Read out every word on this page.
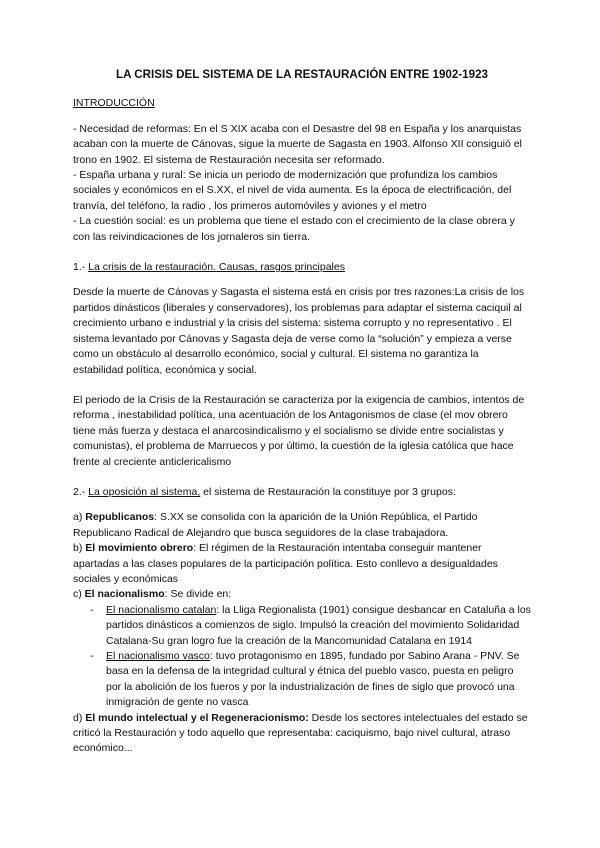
LA CRISIS DEL SISTEMA DE LA RESTAURACIÓN ENTRE 1902-1923

INTRODUCCIÓN

- Necesidad de reformas: En el S XIX acaba con el Desastre del 98 en España y los anarquistas acaban con la muerte de Cánovas, sigue la muerte de Sagasta en 1903. Alfonso XII consiguió el trono en 1902. El sistema de Restauración necesita ser reformado.

- España urbana y rural: Se inicia un periodo de modernización que profundiza los cambios sociales y económicos en el S.XX, el nivel de vida aumenta. Es la época de electrificación, del tranvía, del teléfono, la radio , los primeros automóviles y aviones y el metro

- La cuestión social: es un problema que tiene el estado con el crecimiento de la clase obrera y con las reivindicaciones de los jornaleros sin tierra.

1.- La crisis de la restauración. Causas, rasgos principales

Desde la muerte de Cánovas y Sagasta el sistema está en crisis por tres razones:La crisis de los partidos dinásticos (liberales y conservadores), los problemas para adaptar el sistema caciquil al crecimiento urbano e industrial y la crisis del sistema: sistema corrupto y no representativo . El sistema levantado por Cánovas y Sagasta deja de verse como la “solución” y empieza a verse como un obstáculo al desarrollo económico, social y cultural. El sistema no garantiza la estabilidad política, económica y social.

El periodo de la Crisis de la Restauración se caracteriza por la exigencia de cambios, intentos de reforma , inestabilidad política, una acentuación de los Antagonismos de clase (el mov obrero tiene más fuerza y destaca el anarcosindicalismo y el socialismo se divide entre socialistas y comunistas), el problema de Marruecos y por último, la cuestión de la iglesia católica que hace frente al creciente anticlericalismo

2.- La oposición al sistema, el sistema de Restauración la constituye por 3 grupos:

a) Republicanos: S.XX se consolida con la aparición de la Unión República, el Partido Republicano Radical de Alejandro que busca seguidores de la clase trabajadora.

b) El movimiento obrero: El régimen de la Restauración intentaba conseguir mantener apartadas a las clases populares de la participación política. Esto conllevo a desigualdades sociales y económicas

c) El nacionalismo: Se divide en:

- El nacionalismo catalan: la Lliga Regionalista (1901) consigue desbancar en Cataluña a los partidos dinásticos a comienzos de siglo. Impulsó la creación del movimiento Solidaridad Catalana-Su gran logro fue la creación de la Mancomunidad Catalana en 1914
- El nacionalismo vasco: tuvo protagonismo en 1895, fundado por Sabino Arana - PNV. Se basa en la defensa de la integridad cultural y étnica del pueblo vasco, puesta en peligro por la abolición de los fueros y por la industrialización de fines de siglo que provocó una inmigración de gente no vasca

d) El mundo intelectual y el Regeneracionismo: Desde los sectores intelectuales del estado se criticó la Restauración y todo aquello que representaba: caciquismo, bajo nivel cultural, atraso económico...
